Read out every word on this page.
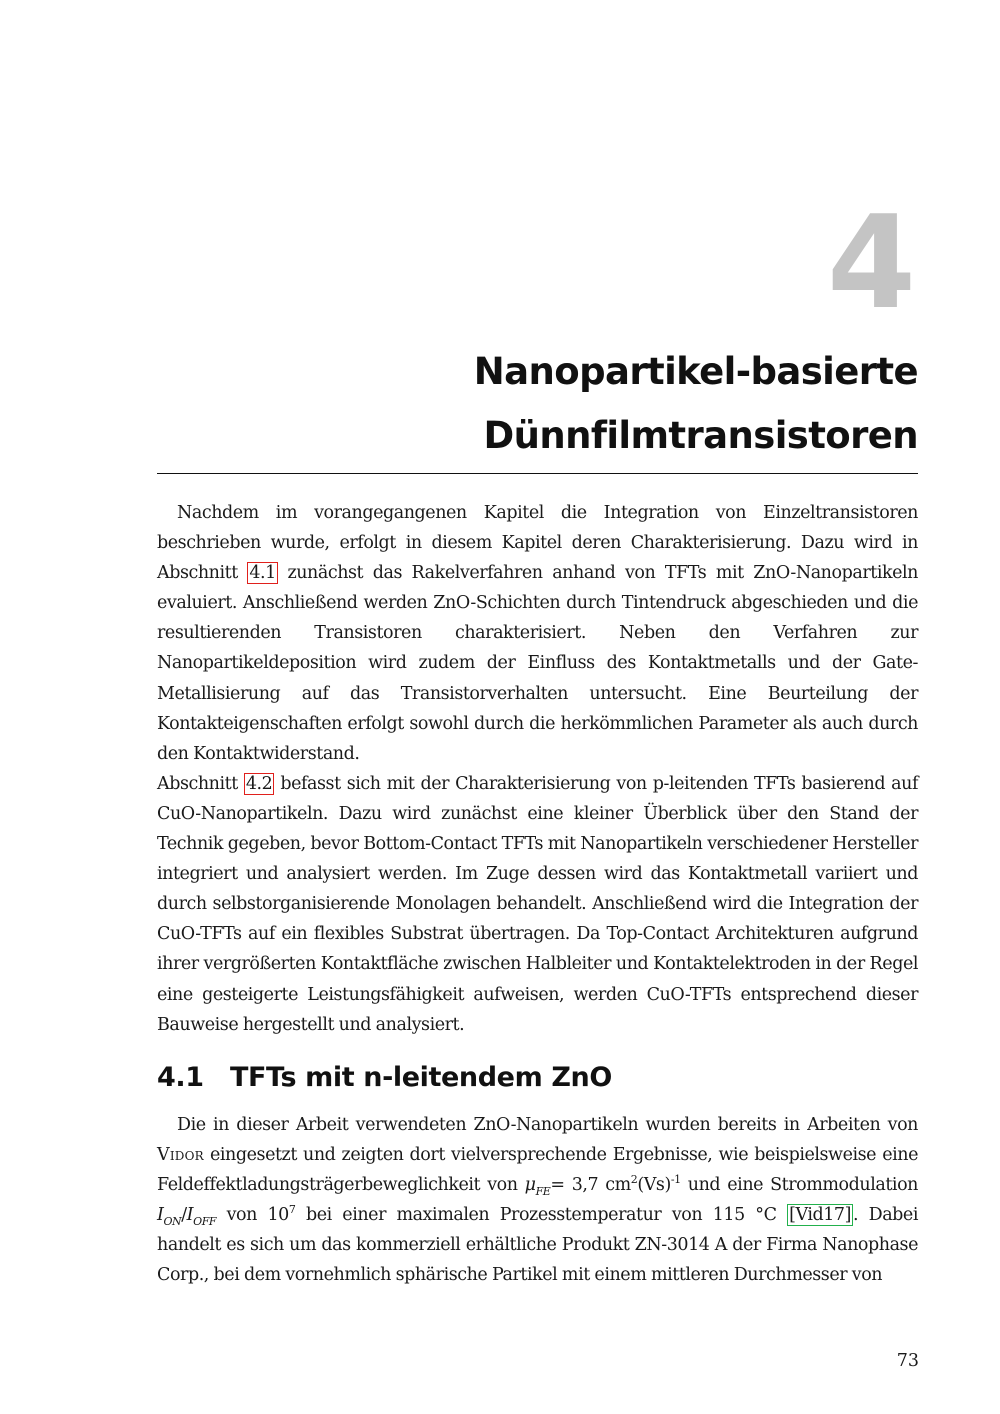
4
Nanopartikel-basierte
Dünnfilmtransistoren

Nachdem im vorangegangenen Kapitel die Integration von Einzeltransistoren beschrieben wurde, erfolgt in diesem Kapitel deren Charakterisierung. Dazu wird in Abschnitt 4.1 zunächst das Rakelverfahren anhand von TFTs mit ZnO-Nanopartikeln evaluiert. Anschließend werden ZnO-Schichten durch Tintendruck abgeschieden und die resultierenden Transistoren charakterisiert. Neben den Verfahren zur Nanopartikeldeposition wird zudem der Einfluss des Kontaktmetalls und der Gate-Metallisierung auf das Transistorverhalten untersucht. Eine Beurteilung der Kontakteigenschaften erfolgt sowohl durch die herkömmlichen Parameter als auch durch den Kontaktwiderstand.

Abschnitt 4.2 befasst sich mit der Charakterisierung von p-leitenden TFTs basierend auf CuO-Nanopartikeln. Dazu wird zunächst eine kleiner Überblick über den Stand der Technik gegeben, bevor Bottom-Contact TFTs mit Nanopartikeln verschiedener Hersteller integriert und analysiert werden. Im Zuge dessen wird das Kontaktmetall variiert und durch selbstorganisierende Monolagen behandelt. Anschließend wird die Integration der CuO-TFTs auf ein flexibles Substrat übertragen. Da Top-Contact Architekturen aufgrund ihrer vergrößerten Kontaktfläche zwischen Halbleiter und Kontaktelektroden in der Regel eine gesteigerte Leistungsfähigkeit aufweisen, werden CuO-TFTs entsprechend dieser Bauweise hergestellt und analysiert.

4.1 TFTs mit n-leitendem ZnO

Die in dieser Arbeit verwendeten ZnO-Nanopartikeln wurden bereits in Arbeiten von Vidor eingesetzt und zeigten dort vielversprechende Ergebnisse, wie beispielsweise eine Feldeffektladungsträgerbeweglichkeit von $\mu_{FE}= 3,7$ $cm^2(Vs)^{-1}$ und eine Strommodulation $I_{ON}/I_{OFF}$ von $10^7$ bei einer maximalen Prozesstemperatur von 115 °C [Vid17] . Dabei handelt es sich um das kommerziell erhältliche Produkt ZN-3014 A der Firma Nanophase Corp., bei dem vornehmlich sphärische Partikel mit einem mittleren Durchmesser von

73
